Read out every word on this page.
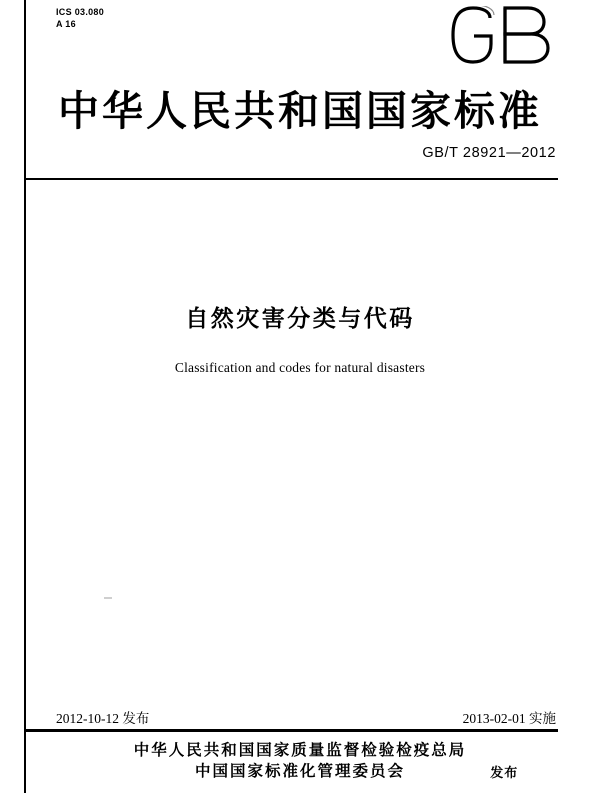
ICS 03.080
A 16
中华人民共和国国家标准
GB/T 28921—2012
自然灾害分类与代码
Classification and codes for natural disasters
2012-10-12 发布	2013-02-01 实施
中华人民共和国国家质量监督检验检疫总局
中国国家标准化管理委员会	发布
